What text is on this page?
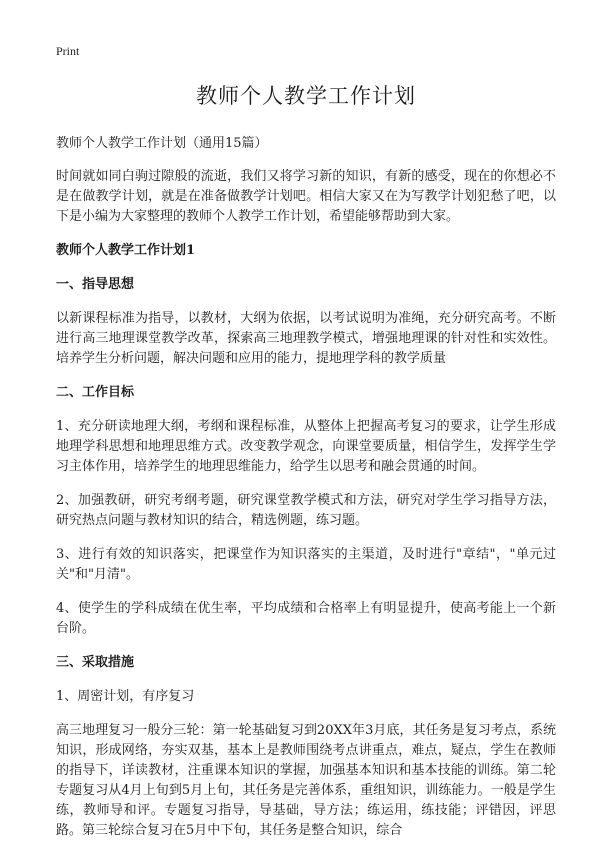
Print
教师个人教学工作计划
教师个人教学工作计划（通用15篇）

时间就如同白驹过隙般的流逝，我们又将学习新的知识，有新的感受，现在的你想必不是在做教学计划，就是在准备做教学计划吧。相信大家又在为写教学计划犯愁了吧，以下是小编为大家整理的教师个人教学工作计划，希望能够帮助到大家。

教师个人教学工作计划1
一、指导思想

以新课程标准为指导，以教材，大纲为依据，以考试说明为准绳，充分研究高考。不断进行高三地理课堂教学改革，探索高三地理教学模式，增强地理课的针对性和实效性。培养学生分析问题，解决问题和应用的能力，提地理学科的教学质量

二、工作目标

1、充分研读地理大纲，考纲和课程标准，从整体上把握高考复习的要求，让学生形成地理学科思想和地理思维方式。改变教学观念，向课堂要质量，相信学生，发挥学生学习主体作用，培养学生的地理思维能力，给学生以思考和融会贯通的时间。

2、加强教研，研究考纲考题，研究课堂教学模式和方法，研究对学生学习指导方法，研究热点问题与教材知识的结合，精选例题，练习题。

3、进行有效的知识落实，把课堂作为知识落实的主渠道，及时进行"章结"，"单元过关"和"月清"。

4、使学生的学科成绩在优生率，平均成绩和合格率上有明显提升，使高考能上一个新台阶。

三、采取措施

1、周密计划，有序复习

高三地理复习一般分三轮：第一轮基础复习到20XX年3月底，其任务是复习考点，系统知识，形成网络，夯实双基，基本上是教师围绕考点讲重点，难点，疑点，学生在教师的指导下，详读教材，注重课本知识的掌握，加强基本知识和基本技能的训练。第二轮专题复习从4月上旬到5月上旬，其任务是完善体系，重组知识，训练能力。一般是学生练，教师导和评。专题复习指导，导基础，导方法；练运用，练技能；评错因，评思路。第三轮综合复习在5月中下旬，其任务是整合知识，综合
